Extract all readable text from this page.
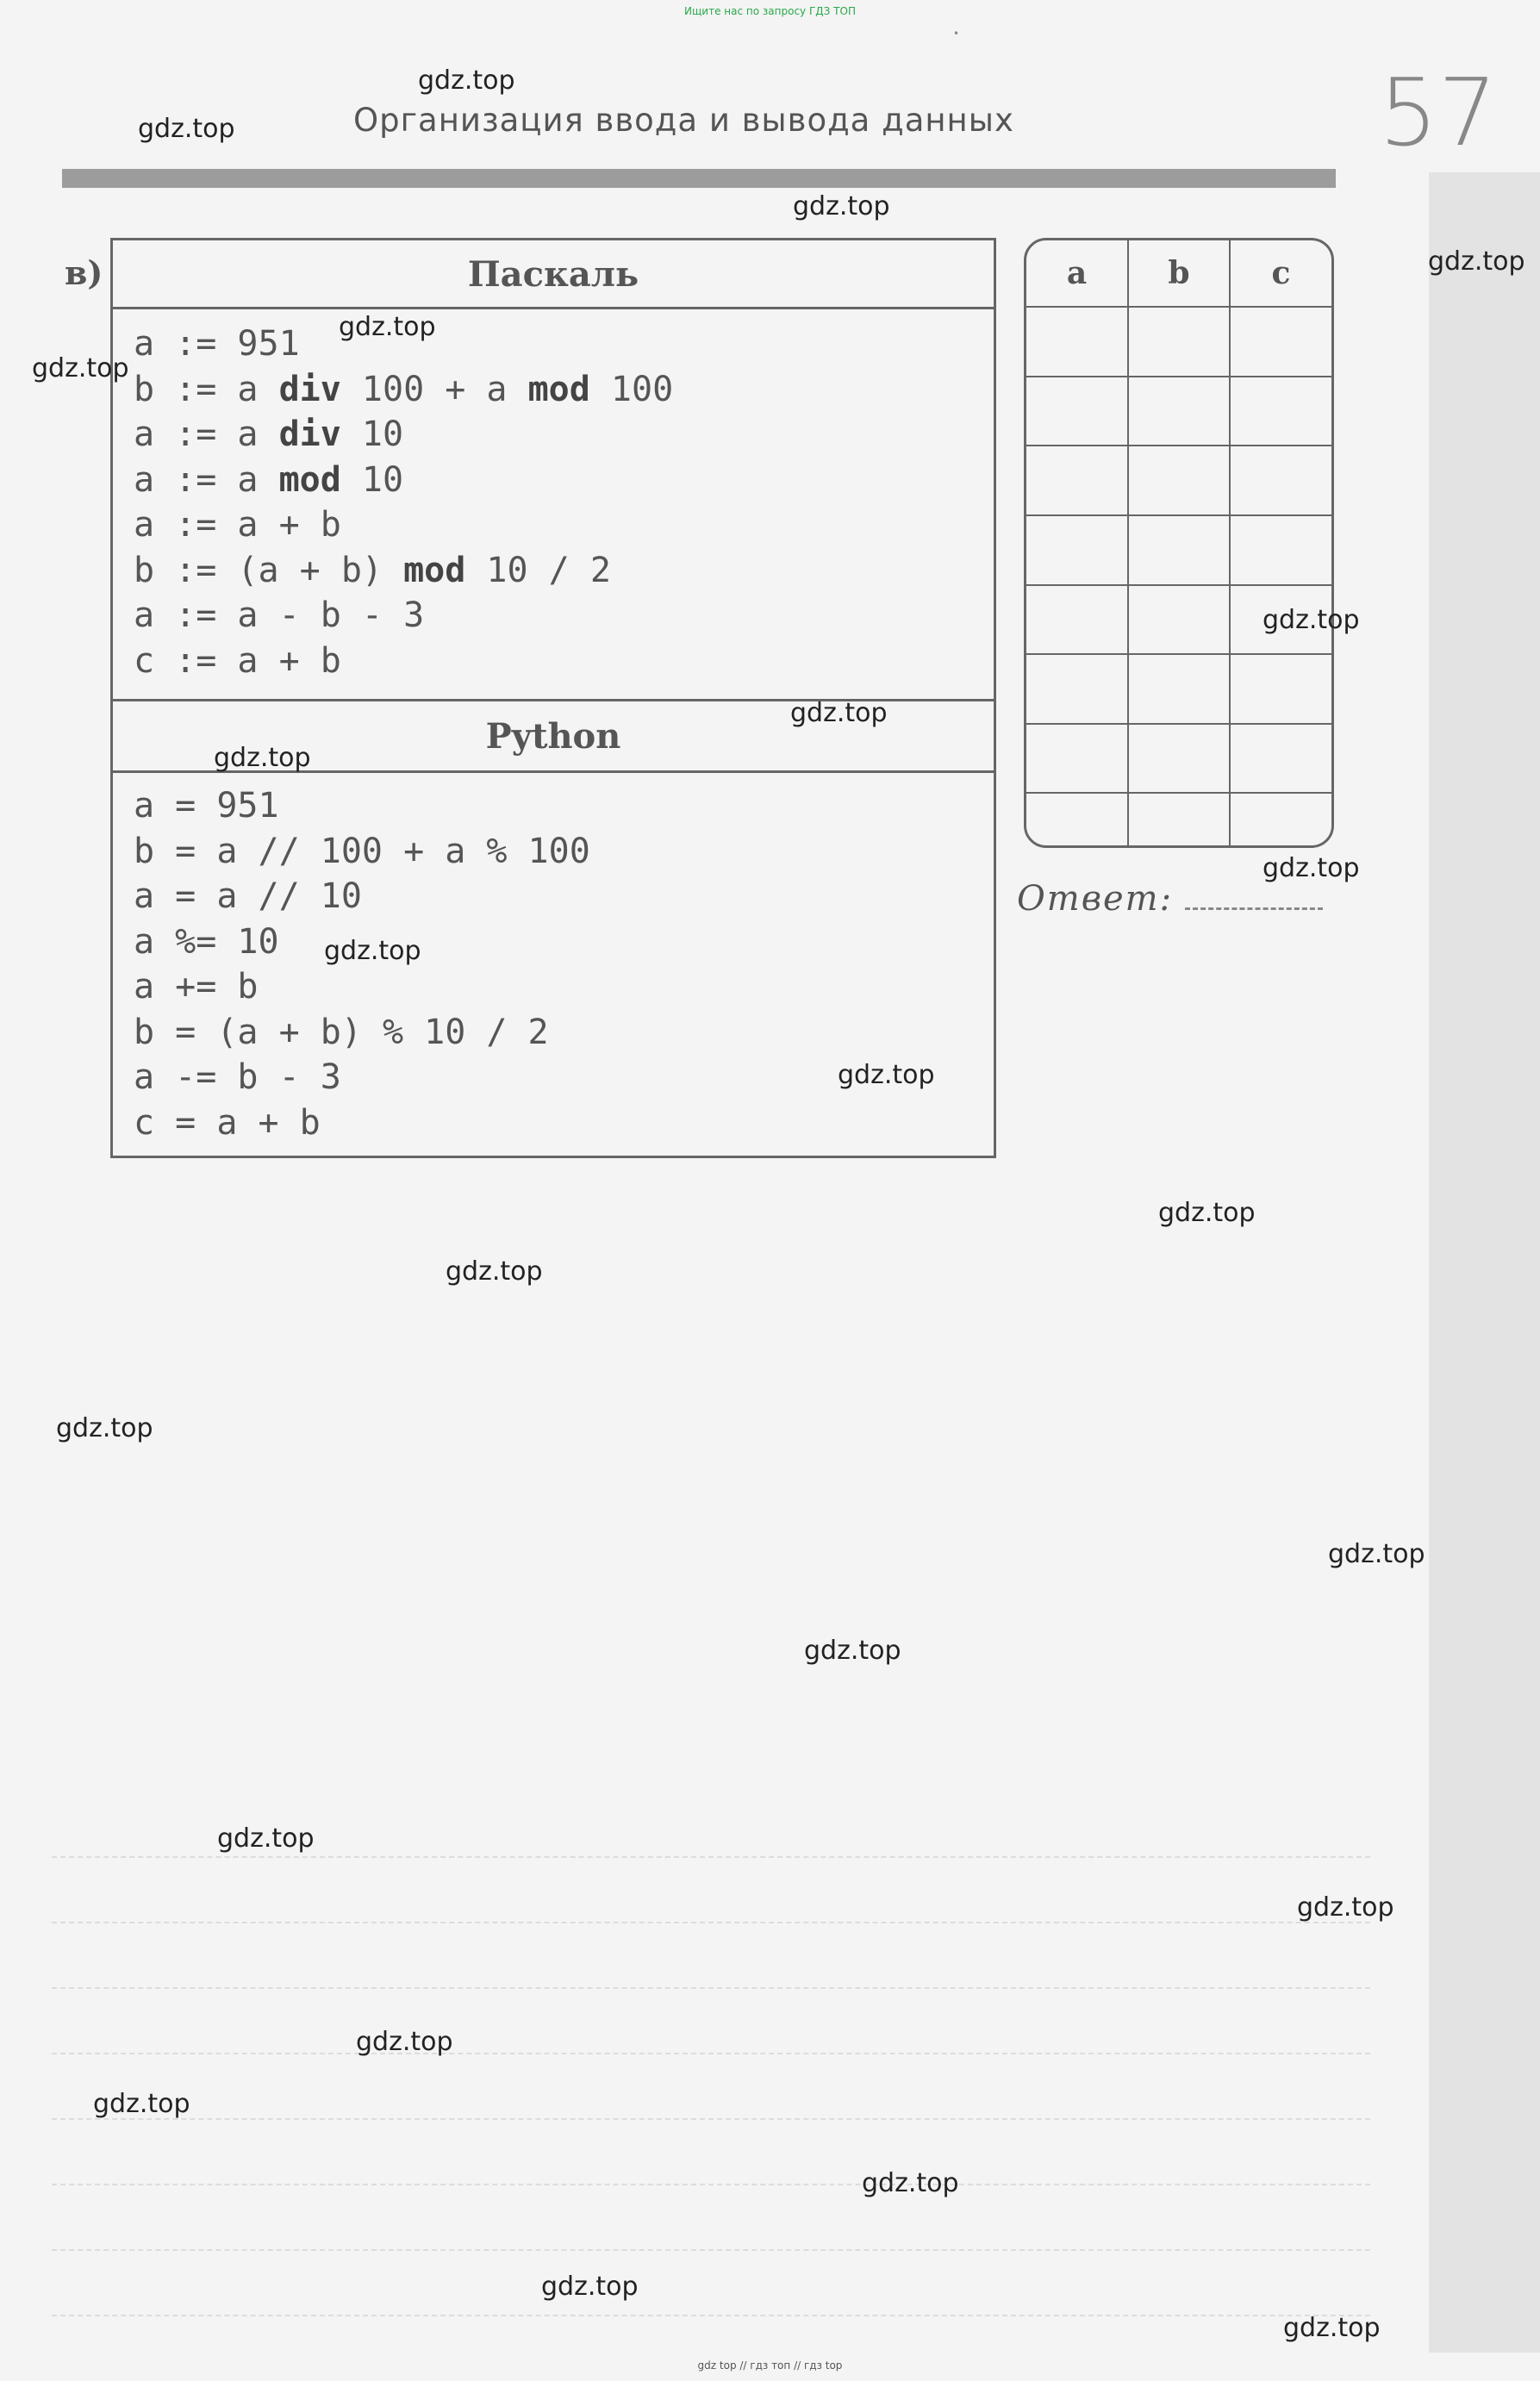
Ищите нас по запросу ГДЗ ТОП
•
Организация ввода и вывода данных	57
в)	Паскаль
a := 951
b := a div 100 + a mod 100
a := a div 10
a := a mod 10
a := a + b
b := (a + b) mod 10 / 2
a := a - b - 3
c := a + b
Python
a = 951
b = a // 100 + a % 100
a = a // 10
a %= 10
a += b
b = (a + b) % 10 / 2
a -= b - 3
c = a + b
a	b	c

Ответ:
gdz.top
gdz.top
gdz.top
gdz.top
gdz.top
gdz.top
gdz.top
gdz.top
gdz.top
gdz.top
gdz.top
gdz.top
gdz.top
gdz.top
gdz.top
gdz.top
gdz.top
gdz.top
gdz.top
gdz.top
gdz.top
gdz.top
gdz.top
gdz.top
gdz top // гдз топ // гдз top
